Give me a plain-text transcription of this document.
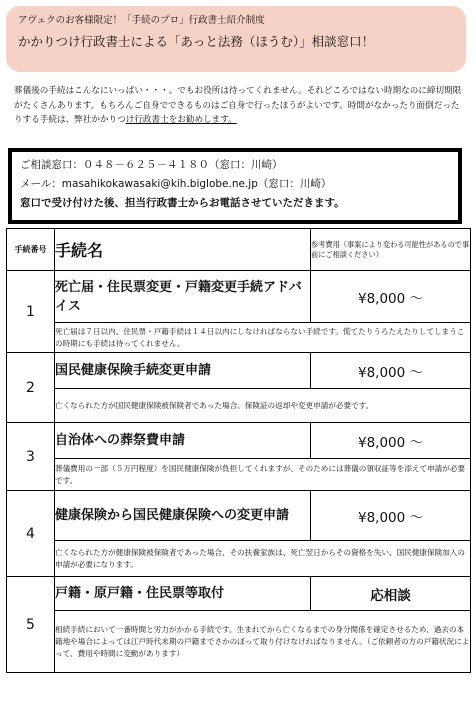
アヴェクのお客様限定！「手続のプロ」行政書士紹介制度
かかりつけ行政書士による「あっと法務（ほうむ）」相談窓口！
葬儀後の手続はこんなにいっぱい・・・。でもお役所は待ってくれません。それどころではない時期なのに締切期限がたくさんあります。もちろんご自身でできるものはご自身で行ったほうがよいです。時間がなかったり面倒だったりする手続は、弊社かかりつけ行政書士をお勧めします。
ご相談窓口：０４８－６２５－４１８０（窓口：川崎）
メール：masahikokawasaki@kih.biglobe.ne.jp（窓口：川崎）
窓口で受け付けた後、担当行政書士からお電話させていただきます。
手続番号	手続名	参考費用（事案により変わる可能性があるので事前にご相談ください）
1	死亡届・住民票変更・戸籍変更手続アドバイス	¥8,000 ～
	死亡届は７日以内、住民票・戸籍手続は１４日以内にしなければならない手続です。慌てたりうろたえたりしてしまうこの時期にも手続は待ってくれません。	
2	国民健康保険手続変更申請	¥8,000 ～
	亡くなられた方が国民健康保険被保険者であった場合、保険証の返却や変更申請が必要です。	
3	自治体への葬祭費申請	¥8,000 ～
	葬儀費用の一部（５万円程度）を国民健康保険が負担してくれますが、そのためには葬儀の領収証等を添えて申請が必要です。	
4	健康保険から国民健康保険への変更申請	¥8,000 ～
	亡くなられた方が健康保険被保険者であった場合、その扶養家族は、死亡翌日からその資格を失い、国民健康保険加入の申請が必要になります。	
5	戸籍・原戸籍・住民票等取付	応相談
	相続手続において一番時間と労力がかかる手続です。生まれてから亡くなるまでの身分関係を確定させるため、過去の本籍地や場合によっては江戸時代末期の戸籍までさかのぼって取り付けなければなりません。（ご依頼者の方の戸籍状況によって、費用や時間に変動があります）	
